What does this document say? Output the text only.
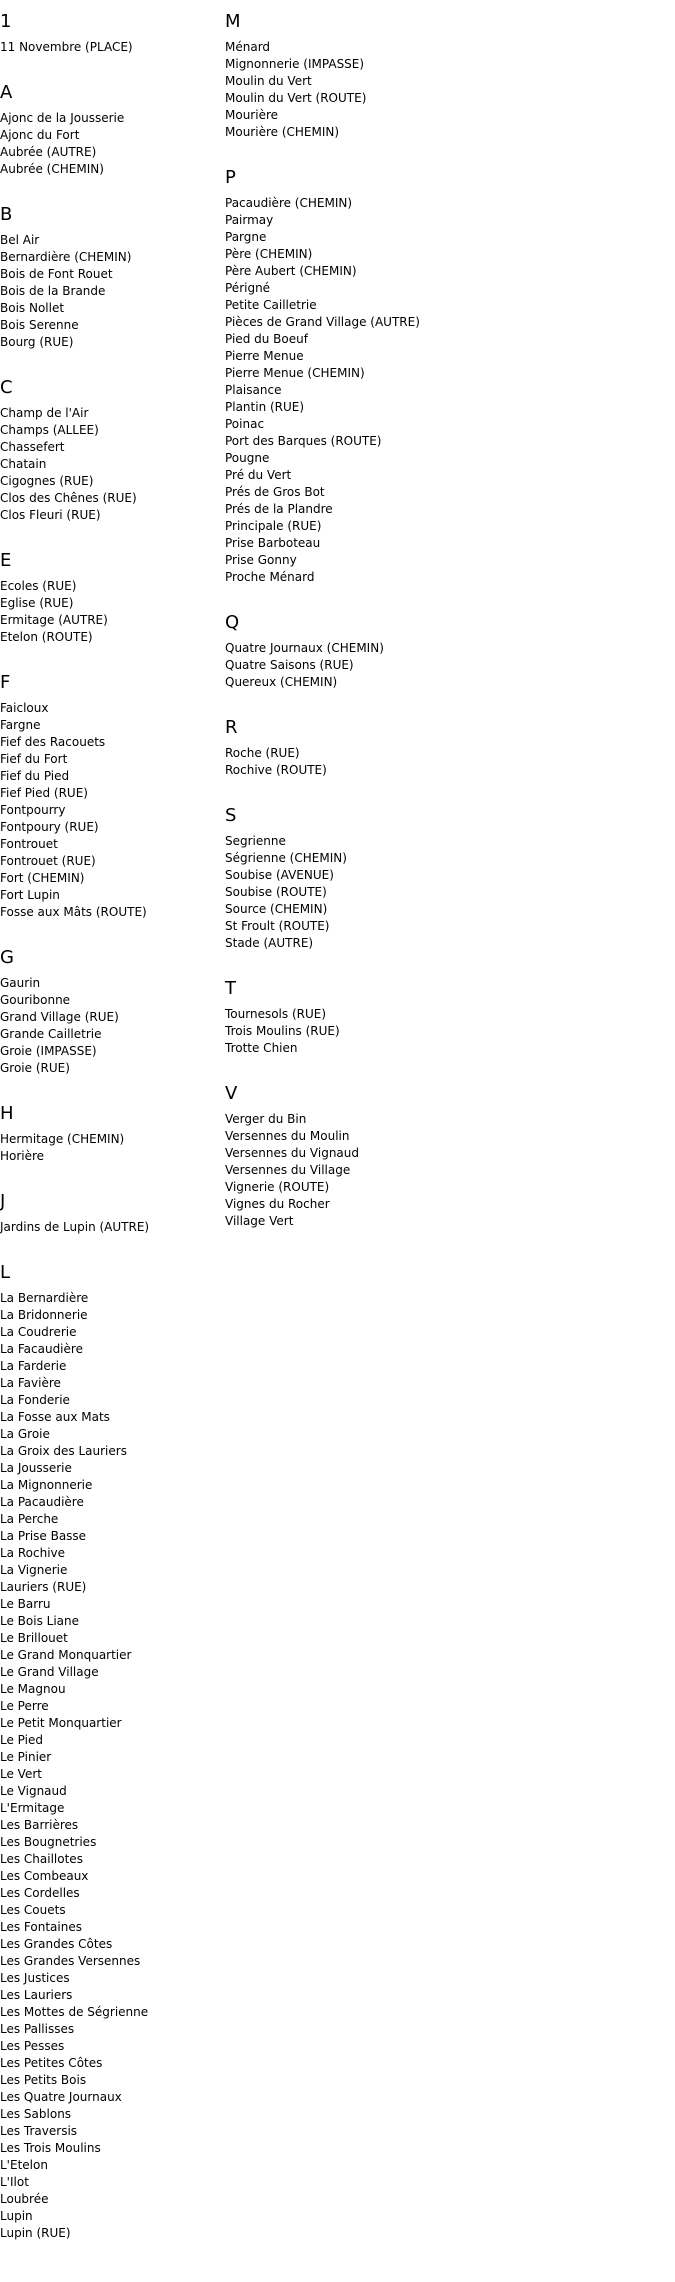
1
11 Novembre (PLACE)
A
Ajonc de la Jousserie
Ajonc du Fort
Aubrée (AUTRE)
Aubrée (CHEMIN)
B
Bel Air
Bernardière (CHEMIN)
Bois de Font Rouet
Bois de la Brande
Bois Nollet
Bois Serenne
Bourg (RUE)
C
Champ de l'Air
Champs (ALLEE)
Chassefert
Chatain
Cigognes (RUE)
Clos des Chênes (RUE)
Clos Fleuri (RUE)
E
Ecoles (RUE)
Eglise (RUE)
Ermitage (AUTRE)
Etelon (ROUTE)
F
Faicloux
Fargne
Fief des Racouets
Fief du Fort
Fief du Pied
Fief Pied (RUE)
Fontpourry
Fontpoury (RUE)
Fontrouet
Fontrouet (RUE)
Fort (CHEMIN)
Fort Lupin
Fosse aux Mâts (ROUTE)
G
Gaurin
Gouribonne
Grand Village (RUE)
Grande Cailletrie
Groie (IMPASSE)
Groie (RUE)
H
Hermitage (CHEMIN)
Horière
J
Jardins de Lupin (AUTRE)
L
La Bernardière
La Bridonnerie
La Coudrerie
La Facaudière
La Farderie
La Favière
La Fonderie
La Fosse aux Mats
La Groie
La Groix des Lauriers
La Jousserie
La Mignonnerie
La Pacaudière
La Perche
La Prise Basse
La Rochive
La Vignerie
Lauriers (RUE)
Le Barru
Le Bois Liane
Le Brillouet
Le Grand Monquartier
Le Grand Village
Le Magnou
Le Perre
Le Petit Monquartier
Le Pied
Le Pinier
Le Vert
Le Vignaud
L'Ermitage
Les Barrières
Les Bougnetries
Les Chaillotes
Les Combeaux
Les Cordelles
Les Couets
Les Fontaines
Les Grandes Côtes
Les Grandes Versennes
Les Justices
Les Lauriers
Les Mottes de Ségrienne
Les Pallisses
Les Pesses
Les Petites Côtes
Les Petits Bois
Les Quatre Journaux
Les Sablons
Les Traversis
Les Trois Moulins
L'Etelon
L'Ilot
Loubrée
Lupin
Lupin (RUE)
M
Ménard
Mignonnerie (IMPASSE)
Moulin du Vert
Moulin du Vert (ROUTE)
Mourière
Mourière (CHEMIN)
P
Pacaudière (CHEMIN)
Pairmay
Pargne
Père (CHEMIN)
Père Aubert (CHEMIN)
Périgné
Petite Cailletrie
Pièces de Grand Village (AUTRE)
Pied du Boeuf
Pierre Menue
Pierre Menue (CHEMIN)
Plaisance
Plantin (RUE)
Poinac
Port des Barques (ROUTE)
Pougne
Pré du Vert
Prés de Gros Bot
Prés de la Plandre
Principale (RUE)
Prise Barboteau
Prise Gonny
Proche Ménard
Q
Quatre Journaux (CHEMIN)
Quatre Saisons (RUE)
Quereux (CHEMIN)
R
Roche (RUE)
Rochive (ROUTE)
S
Segrienne
Ségrienne (CHEMIN)
Soubise (AVENUE)
Soubise (ROUTE)
Source (CHEMIN)
St Froult (ROUTE)
Stade (AUTRE)
T
Tournesols (RUE)
Trois Moulins (RUE)
Trotte Chien
V
Verger du Bin
Versennes du Moulin
Versennes du Vignaud
Versennes du Village
Vignerie (ROUTE)
Vignes du Rocher
Village Vert
